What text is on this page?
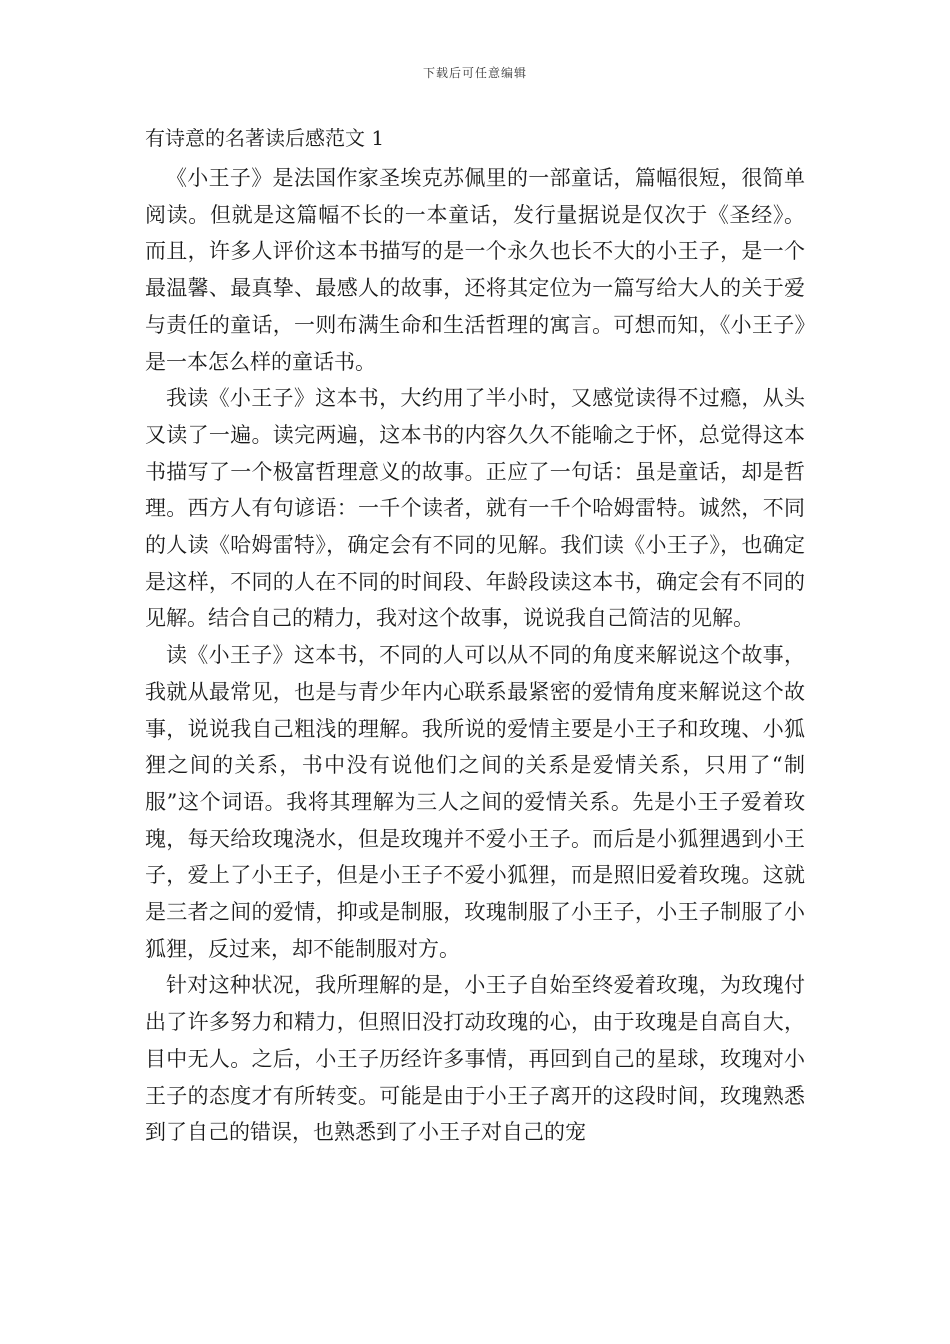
下载后可任意编辑
有诗意的名著读后感范文 1

《小王子》是法国作家圣埃克苏佩里的一部童话，篇幅很短，很简单阅读。但就是这篇幅不长的一本童话，发行量据说是仅次于《圣经》。而且，许多人评价这本书描写的是一个永久也长不大的小王子，是一个最温馨、最真挚、最感人的故事，还将其定位为一篇写给大人的关于爱与责任的童话，一则布满生命和生活哲理的寓言。可想而知，《小王子》是一本怎么样的童话书。

我读《小王子》这本书，大约用了半小时，又感觉读得不过瘾，从头又读了一遍。读完两遍，这本书的内容久久不能喻之于怀，总觉得这本书描写了一个极富哲理意义的故事。正应了一句话：虽是童话，却是哲理。西方人有句谚语：一千个读者，就有一千个哈姆雷特。诚然，不同的人读《哈姆雷特》，确定会有不同的见解。我们读《小王子》，也确定是这样，不同的人在不同的时间段、年龄段读这本书，确定会有不同的见解。结合自己的精力，我对这个故事，说说我自己简洁的见解。

读《小王子》这本书，不同的人可以从不同的角度来解说这个故事，我就从最常见，也是与青少年内心联系最紧密的爱情角度来解说这个故事，说说我自己粗浅的理解。我所说的爱情主要是小王子和玫瑰、小狐狸之间的关系，书中没有说他们之间的关系是爱情关系，只用了“制服”这个词语。我将其理解为三人之间的爱情关系。先是小王子爱着玫瑰，每天给玫瑰浇水，但是玫瑰并不爱小王子。而后是小狐狸遇到小王子，爱上了小王子，但是小王子不爱小狐狸，而是照旧爱着玫瑰。这就是三者之间的爱情，抑或是制服，玫瑰制服了小王子，小王子制服了小狐狸，反过来，却不能制服对方。

针对这种状况，我所理解的是，小王子自始至终爱着玫瑰，为玫瑰付出了许多努力和精力，但照旧没打动玫瑰的心，由于玫瑰是自高自大，目中无人。之后，小王子历经许多事情，再回到自己的星球，玫瑰对小王子的态度才有所转变。可能是由于小王子离开的这段时间，玫瑰熟悉到了自己的错误，也熟悉到了小王子对自己的宠
